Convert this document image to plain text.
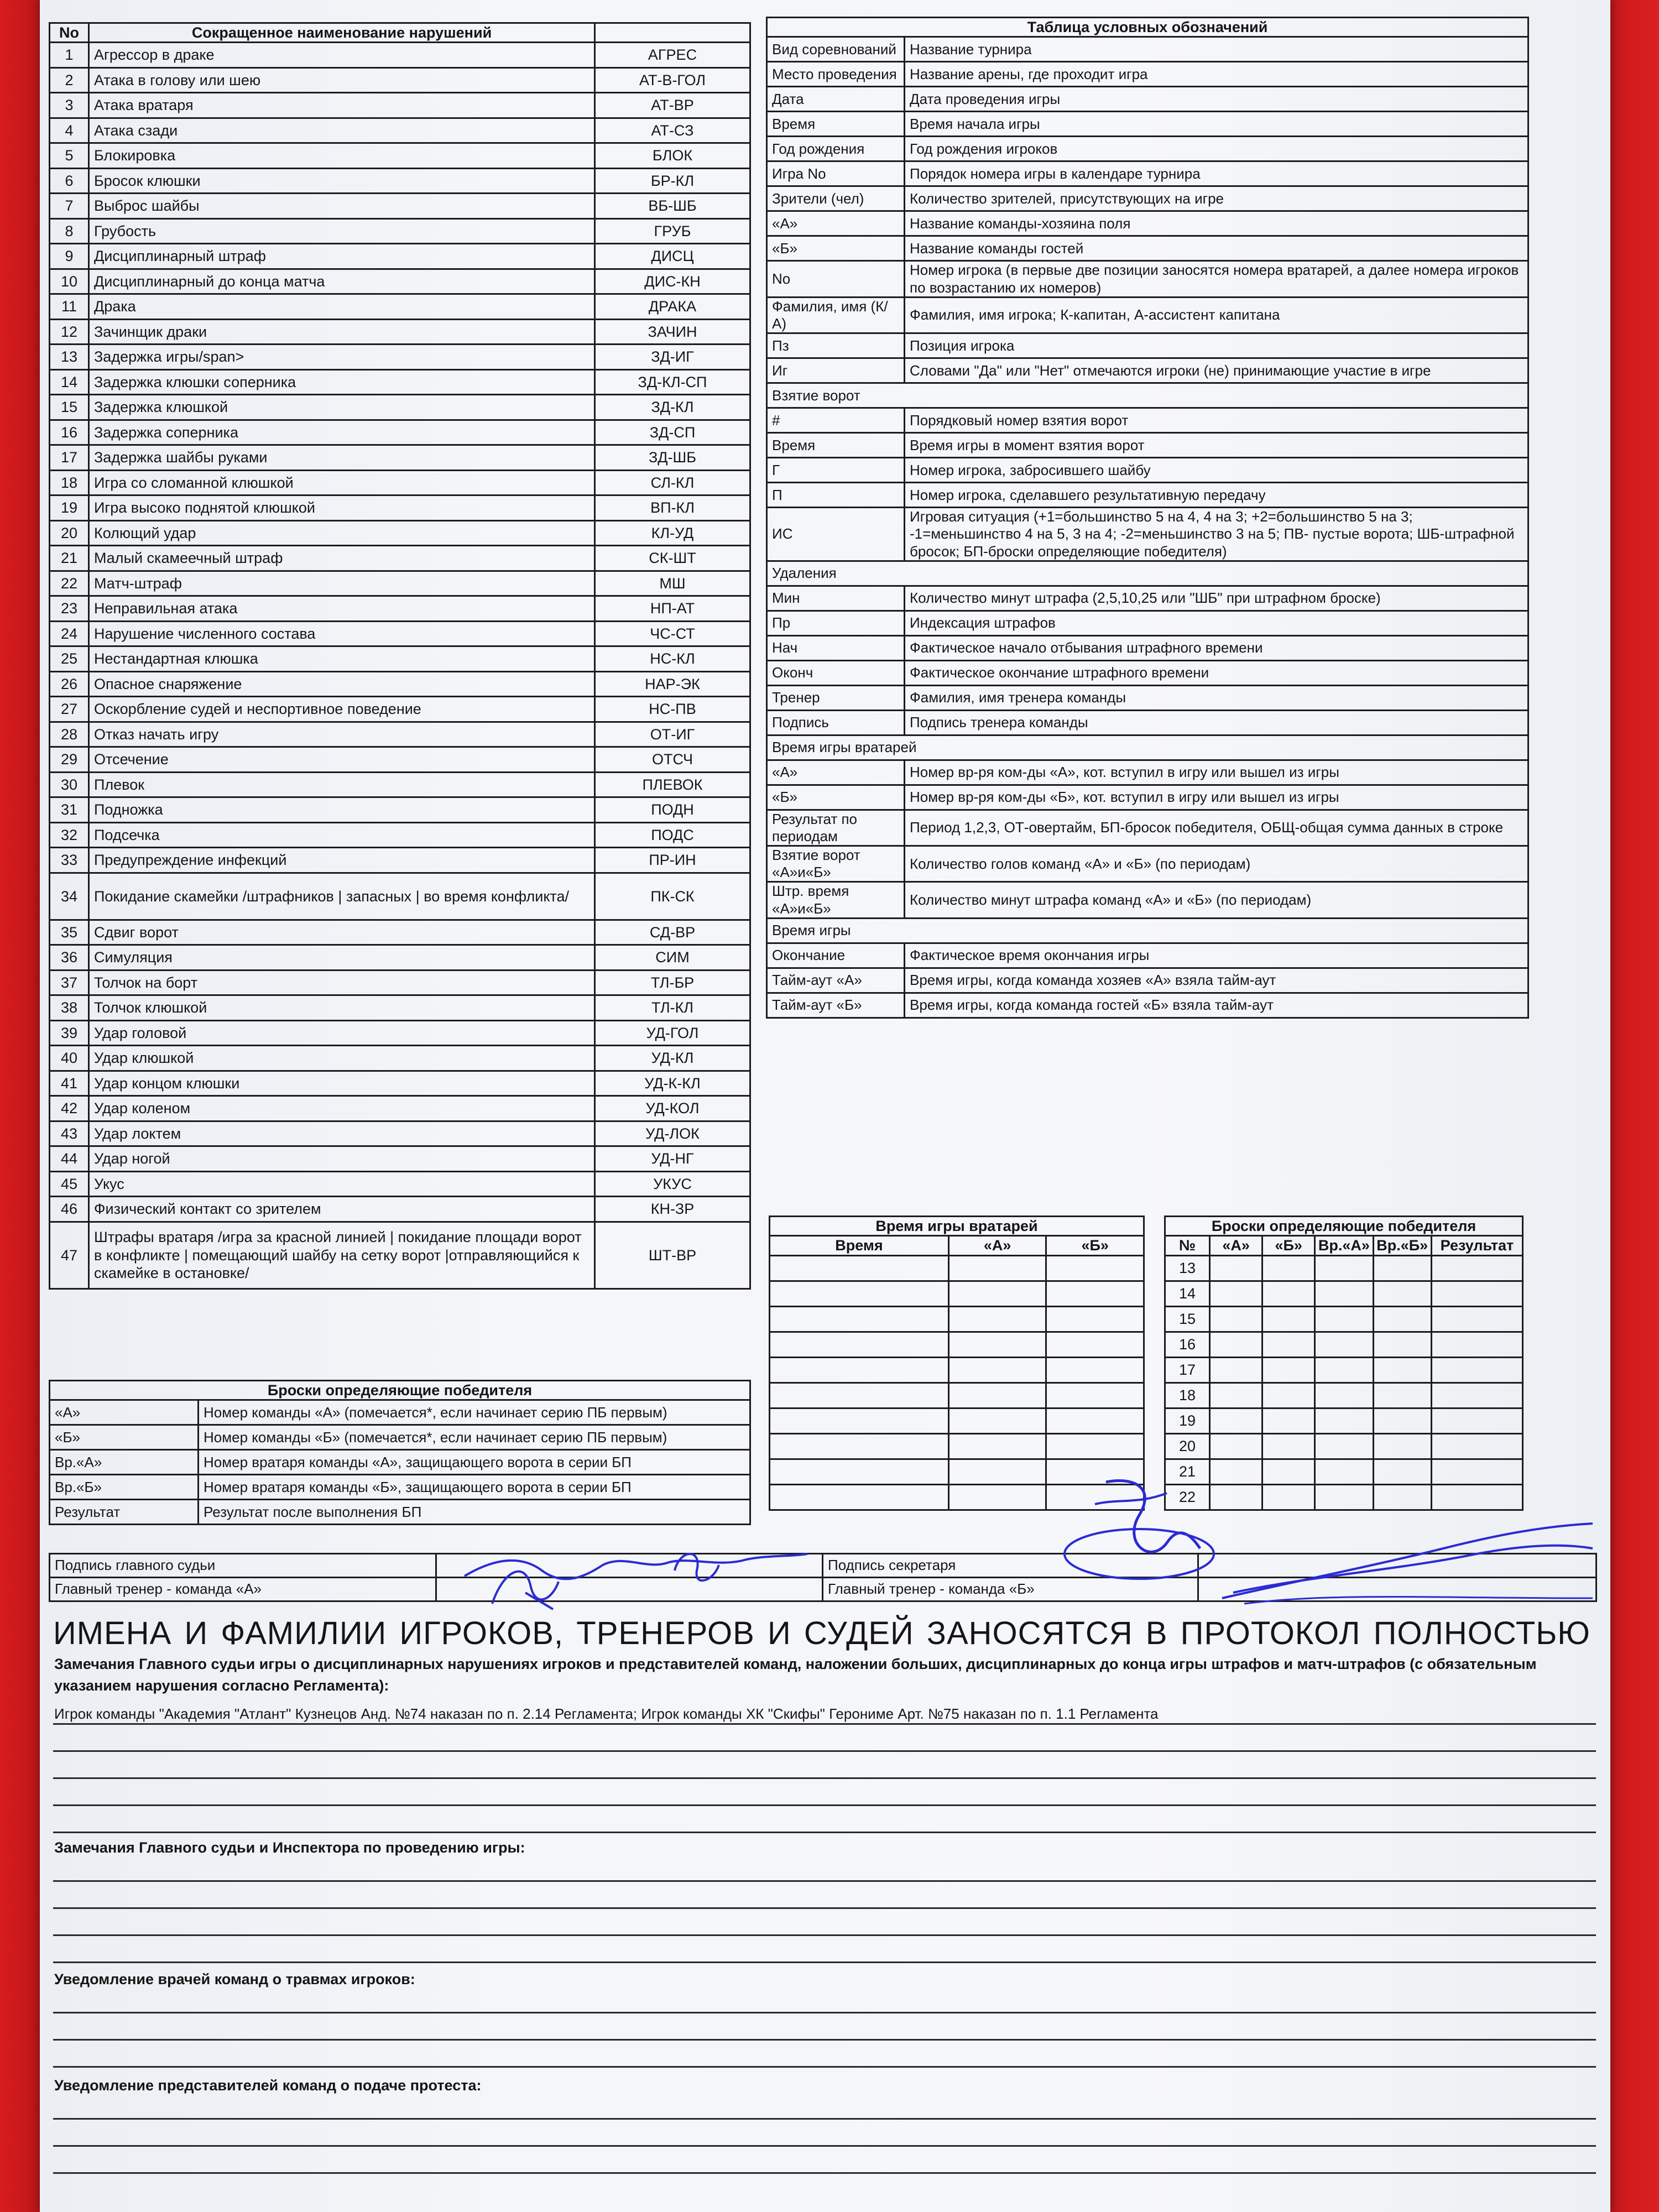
No	Сокращенное наименование нарушений	
1	Агрессор в драке	АГРЕС
2	Атака в голову или шею	АТ-В-ГОЛ
3	Атака вратаря	АТ-ВР
4	Атака сзади	АТ-СЗ
5	Блокировка	БЛОК
6	Бросок клюшки	БР-КЛ
7	Выброс шайбы	ВБ-ШБ
8	Грубость	ГРУБ
9	Дисциплинарный штраф	ДИСЦ
10	Дисциплинарный до конца матча	ДИС-КН
11	Драка	ДРАКА
12	Зачинщик драки	ЗАЧИН
13	Задержка игры/span>	ЗД-ИГ
14	Задержка клюшки соперника	ЗД-КЛ-СП
15	Задержка клюшкой	ЗД-КЛ
16	Задержка соперника	ЗД-СП
17	Задержка шайбы руками	ЗД-ШБ
18	Игра со сломанной клюшкой	СЛ-КЛ
19	Игра высоко поднятой клюшкой	ВП-КЛ
20	Колющий удар	КЛ-УД
21	Малый скамеечный штраф	СК-ШТ
22	Матч-штраф	МШ
23	Неправильная атака	НП-АТ
24	Нарушение численного состава	ЧС-СТ
25	Нестандартная клюшка	НС-КЛ
26	Опасное снаряжение	НАР-ЭК
27	Оскорбление судей и неспортивное поведение	НС-ПВ
28	Отказ начать игру	ОТ-ИГ
29	Отсечение	ОТСЧ
30	Плевок	ПЛЕВОК
31	Подножка	ПОДН
32	Подсечка	ПОДС
33	Предупреждение инфекций	ПР-ИН
34	Покидание скамейки /штрафников | запасных | во время конфликта/	ПК-СК
35	Сдвиг ворот	СД-ВР
36	Симуляция	СИМ
37	Толчок на борт	ТЛ-БР
38	Толчок клюшкой	ТЛ-КЛ
39	Удар головой	УД-ГОЛ
40	Удар клюшкой	УД-КЛ
41	Удар концом клюшки	УД-К-КЛ
42	Удар коленом	УД-КОЛ
43	Удар локтем	УД-ЛОК
44	Удар ногой	УД-НГ
45	Укус	УКУС
46	Физический контакт со зрителем	КН-ЗР
47	Штрафы вратаря /игра за красной линией | покидание площади ворот в конфликте | помещающий шайбу на сетку ворот |отправляющийся к скамейке в остановке/	ШТ-ВР
Таблица условных обозначений	
Вид соревнований	Название турнира
Место проведения	Название арены, где проходит игра
Дата	Дата проведения игры
Время	Время начала игры
Год рождения	Год рождения игроков
Игра No	Порядок номера игры в календаре турнира
Зрители (чел)	Количество зрителей, присутствующих на игре
«А»	Название команды-хозяина поля
«Б»	Название команды гостей
No	Номер игрока (в первые две позиции заносятся номера вратарей, а далее номера игроков по возрастанию их номеров)
Фамилия, имя (К/А)	Фамилия, имя игрока; К-капитан, А-ассистент капитана
Пз	Позиция игрока
Иг	Словами "Да" или "Нет" отмечаются игроки (не) принимающие участие в игре
Взятие ворот	
#	Порядковый номер взятия ворот
Время	Время игры в момент взятия ворот
Г	Номер игрока, забросившего шайбу
П	Номер игрока, сделавшего результативную передачу
ИС	Игровая ситуация (+1=большинство 5 на 4, 4 на 3; +2=большинство 5 на 3; -1=меньшинство 4 на 5, 3 на 4; -2=меньшинство 3 на 5; ПВ- пустые ворота; ШБ-штрафной бросок; БП-броски определяющие победителя)
Удаления	
Мин	Количество минут штрафа (2,5,10,25 или "ШБ" при штрафном броске)
Пр	Индексация штрафов
Нач	Фактическое начало отбывания штрафного времени
Оконч	Фактическое окончание штрафного времени
Тренер	Фамилия, имя тренера команды
Подпись	Подпись тренера команды
Время игры вратарей	
«А»	Номер вр-ря ком-ды «А», кот. вступил в игру или вышел из игры
«Б»	Номер вр-ря ком-ды «Б», кот. вступил в игру или вышел из игры
Результат по периодам	Период 1,2,3, ОТ-овертайм, БП-бросок победителя, ОБЩ-общая сумма данных в строке
Взятие ворот «А»и«Б»	Количество голов команд «А» и «Б» (по периодам)
Штр. время «А»и«Б»	Количество минут штрафа команд «А» и «Б» (по периодам)
Время игры	
Окончание	Фактическое время окончания игры
Тайм-аут «А»	Время игры, когда команда хозяев «А» взяла тайм-аут
Тайм-аут «Б»	Время игры, когда команда гостей «Б» взяла тайм-аут
Время игры вратарей		
Время	«А»	«Б»

Броски определяющие победителя					
№	«А»	«Б»	Вр.«А»	Вр.«Б»	Результат
13					
14					
15					
16					
17					
18					
19					
20					
21					
22					
Броски определяющие победителя	
«А»	Номер команды «А» (помечается*, если начинает серию ПБ первым)
«Б»	Номер команды «Б» (помечается*, если начинает серию ПБ первым)
Вр.«А»	Номер вратаря команды «А», защищающего ворота в серии БП
Вр.«Б»	Номер вратаря команды «Б», защищающего ворота в серии БП
Результат	Результат после выполнения БП
Подпись главного судьи		Подпись секретаря	
Главный тренер - команда «А»		Главный тренер - команда «Б»	
ИМЕНА И ФАМИЛИИ ИГРОКОВ, ТРЕНЕРОВ И СУДЕЙ ЗАНОСЯТСЯ В ПРОТОКОЛ ПОЛНОСТЬЮ
Замечания Главного судьи игры о дисциплинарных нарушениях игроков и представителей команд, наложении больших, дисциплинарных до конца игры штрафов и матч-штрафов (с обязательным указанием нарушения согласно Регламента):
Игрок команды "Академия "Атлант" Кузнецов Анд. №74 наказан по п. 2.14 Регламента; Игрок команды ХК "Скифы" Герониме Арт. №75 наказан по п. 1.1 Регламента
Замечания Главного судьи и Инспектора по проведению игры:
Уведомление врачей команд о травмах игроков:
Уведомление представителей команд о подаче протеста:
